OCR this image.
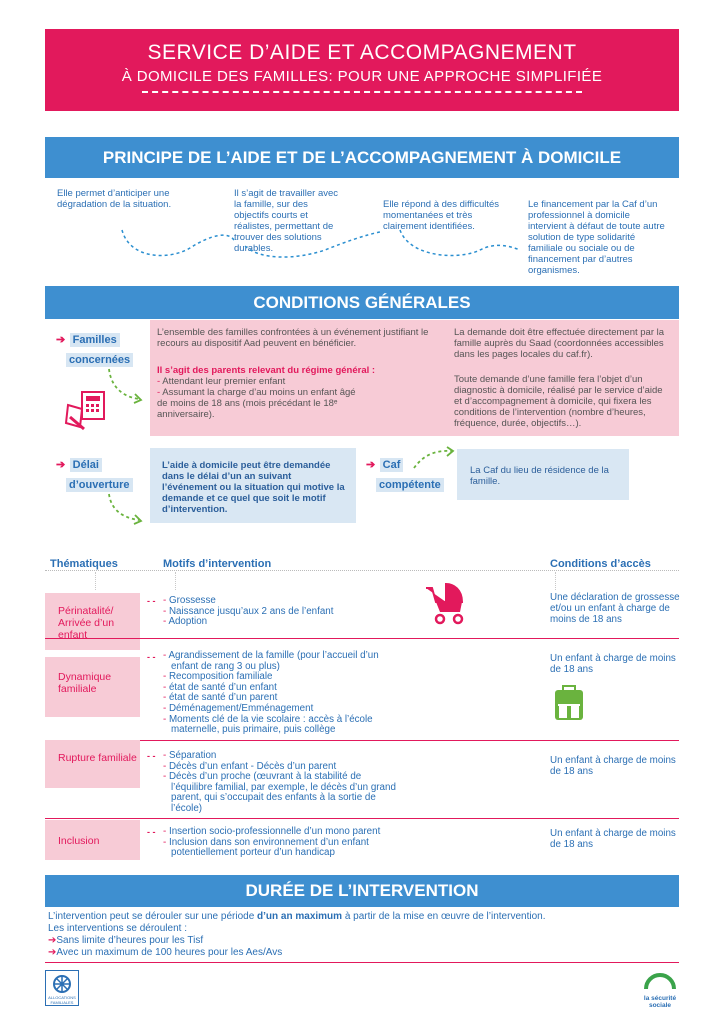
SERVICE D’AIDE ET ACCOMPAGNEMENT
À DOMICILE DES FAMILLES: POUR UNE APPROCHE SIMPLIFIÉE
PRINCIPE DE L’AIDE ET DE L’ACCOMPAGNEMENT À DOMICILE
Elle permet d’anticiper une dégradation de la situation.
Il s’agit de travailler avec la famille, sur des objectifs courts et réalistes, permettant de trouver des solutions durables.
Elle répond à des difficultés momentanées et très clairement identifiées.
Le financement par la Caf d’un professionnel à domicile intervient à défaut de toute autre solution de type solidarité familiale ou sociale ou de financement par d’autres organismes.
CONDITIONS GÉNÉRALES
➔ Familles
concernées
L’ensemble des familles confrontées à un événement justifiant le recours au dispositif Aad peuvent en bénéficier.
Il s’agit des parents relevant du régime général :
- Attendant leur premier enfant
- Assumant la charge d’au moins un enfant âgé de moins de 18 ans (mois précédant le 18ᵉ anniversaire).
La demande doit être effectuée directement par la famille auprès du Saad (coordonnées accessibles dans les pages locales du caf.fr).
Toute demande d’une famille fera l’objet d’un diagnostic à domicile, réalisé par le service d’aide et d’accompagnement à domicile, qui fixera les conditions de l’intervention (nombre d’heures, fréquence, durée, objectifs…).
➔ Délai
d’ouverture
L’aide à domicile peut être demandée dans le délai d’un an suivant l’événement ou la situation qui motive la demande et ce quel que soit le motif d’intervention.
➔ Caf
compétente
La Caf du lieu de résidence de la famille.
Thématiques	Motifs d’intervention	Conditions d’accès
Périnatalité/ Arrivée d’un enfant
- -	- Grossesse
- Naissance jusqu’aux 2 ans de l’enfant
- Adoption
Une déclaration de grossesse et/ou un enfant à charge de moins de 18 ans
Dynamique familiale
- -	- Agrandissement de la famille (pour l’accueil d’un enfant de rang 3 ou plus)
- Recomposition familiale
- état de santé d’un enfant
- état de santé d’un parent
- Déménagement/Emménagement
- Moments clé de la vie scolaire : accès à l’école maternelle, puis primaire, puis collège
Un enfant à charge de moins de 18 ans
Rupture familiale	- -	- Séparation
- Décès d’un enfant - Décès d’un parent
- Décès d’un proche (œuvrant à la stabilité de l’équilibre familial, par exemple, le décès d’un grand parent, qui s’occupait des enfants à la sortie de l’école)
Un enfant à charge de moins de 18 ans
Inclusion
- -	- Insertion socio-professionnelle d’un mono parent
- Inclusion dans son environnement d’un enfant potentiellement porteur d’un handicap
Un enfant à charge de moins de 18 ans
DURÉE DE L’INTERVENTION
L’intervention peut se dérouler sur une période d’un an maximum à partir de la mise en œuvre de l’intervention.
Les interventions se déroulent :
➔Sans limite d’heures pour les Tisf
➔Avec un maximum de 100 heures pour les Aes/Avs
ALLOCATIONS FAMILIALES
la sécurité
sociale
